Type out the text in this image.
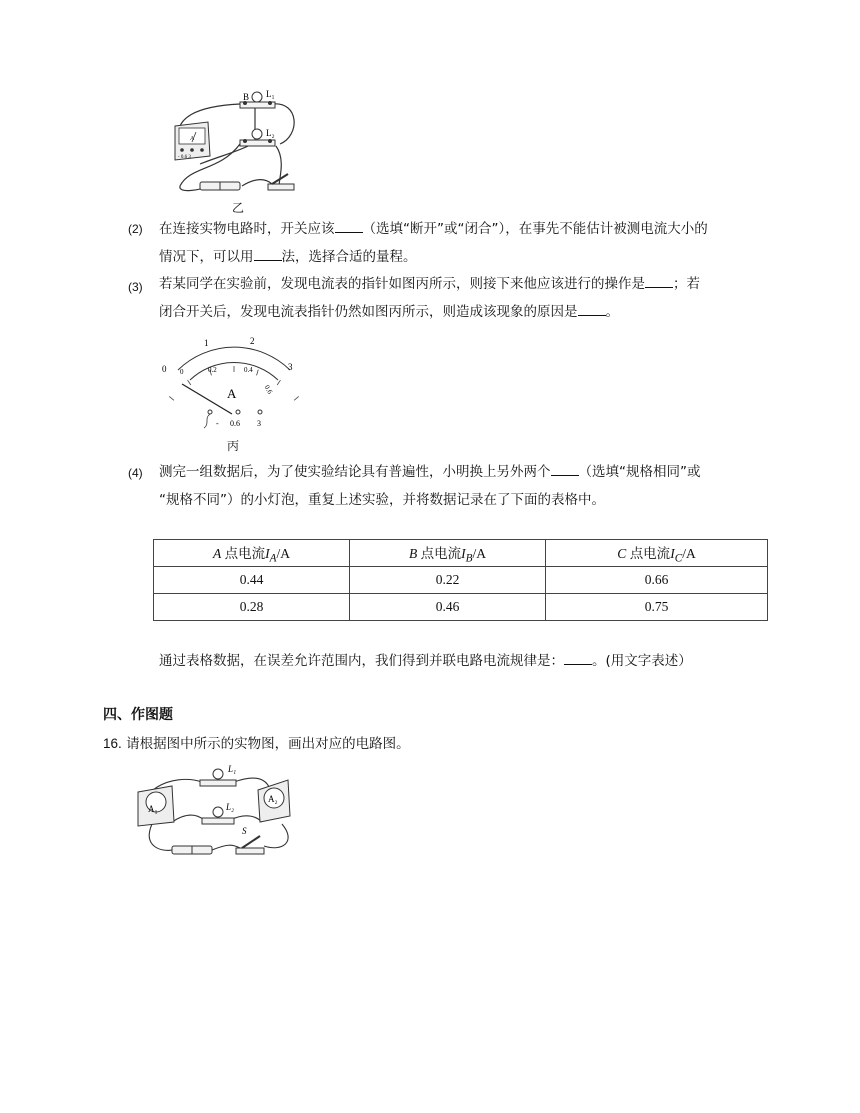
B L₁
L₂
A
- 0.6 3
乙
(2) 在连接实物电路时，开关应该 （选填“断开”或“闭合”），在事先不能估计被测电流大小的
情况下，可以用 法，选择合适的量程。
(3) 若某同学在实验前，发现电流表的指针如图丙所示，则接下来他应该进行的操作是 ；若
闭合开关后，发现电流表指针仍然如图丙所示，则造成该现象的原因是 。
0
1	2
3
0	0.2	0.4
0.6
A
- 0.6 3
丙
(4) 测完一组数据后，为了使实验结论具有普遍性，小明换上另外两个 （选填“规格相同”或
“规格不同”）的小灯泡，重复上述实验，并将数据记录在了下面的表格中。
A 点电流$I_A/A$	B 点电流$I_B/A$	C 点电流$I_C/A$
0.44	0.22	0.66
0.28	0.46	0.75
通过表格数据，在误差允许范围内，我们得到并联电路电流规律是： 。(用文字表述）
四、作图题
16. 请根据图中所示的实物图，画出对应的电路图。
L₁
L₂
A₁
A₂
S
